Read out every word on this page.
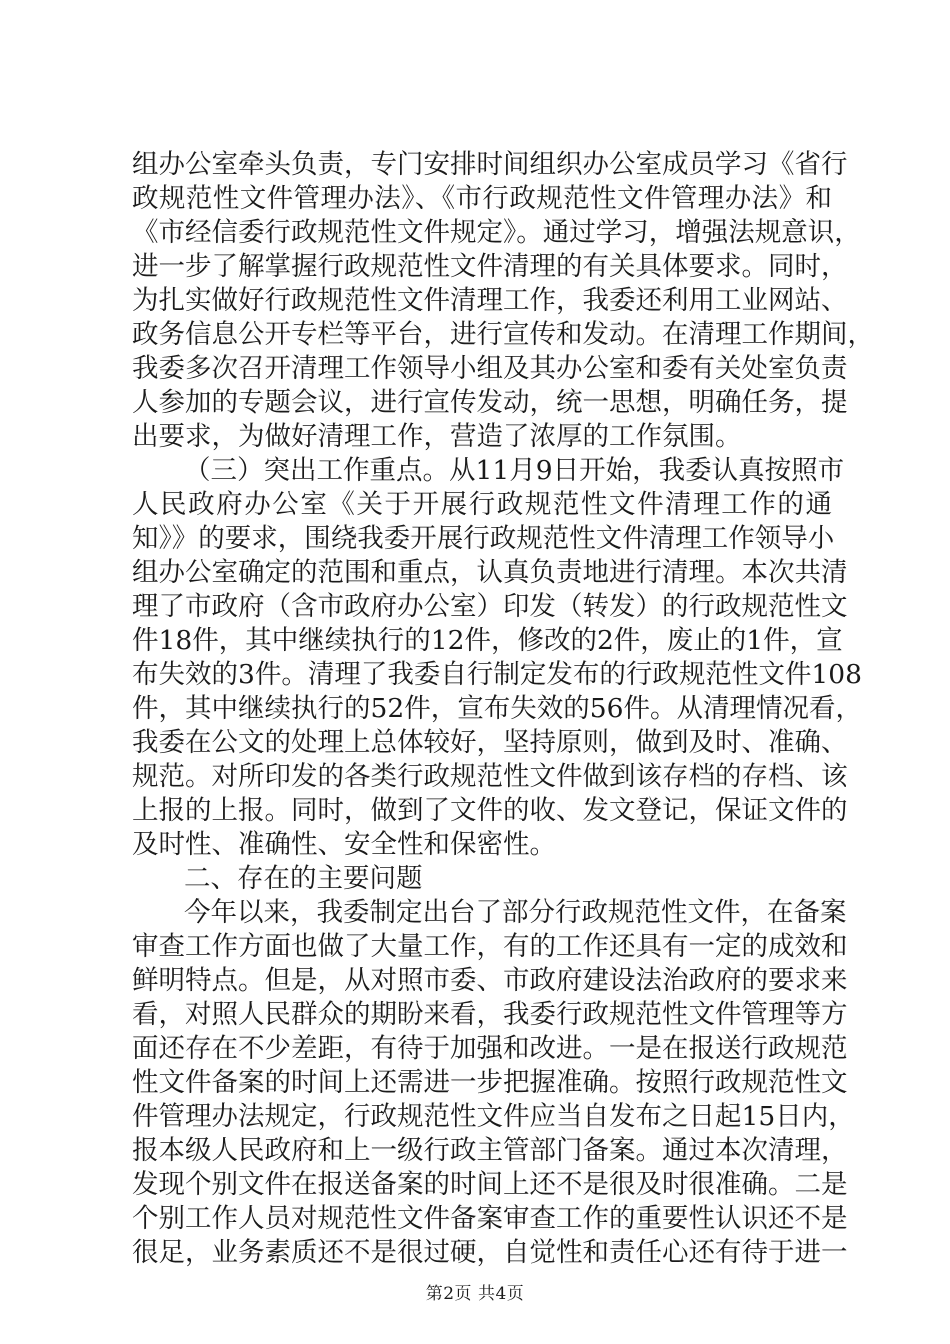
组办公室牵头负责，专门安排时间组织办公室成员学习《省行
政规范性文件管理办法》、《市行政规范性文件管理办法》和
《市经信委行政规范性文件规定》。通过学习，增强法规意识，
进一步了解掌握行政规范性文件清理的有关具体要求。同时，
为扎实做好行政规范性文件清理工作，我委还利用工业网站、
政务信息公开专栏等平台，进行宣传和发动。在清理工作期间，
我委多次召开清理工作领导小组及其办公室和委有关处室负责
人参加的专题会议，进行宣传发动，统一思想，明确任务，提
出要求，为做好清理工作，营造了浓厚的工作氛围。
（三）突出工作重点。从11月9日开始，我委认真按照市
人民政府办公室《关于开展行政规范性文件清理工作的通
知》》的要求，围绕我委开展行政规范性文件清理工作领导小
组办公室确定的范围和重点，认真负责地进行清理。本次共清
理了市政府（含市政府办公室）印发（转发）的行政规范性文
件18件，其中继续执行的12件，修改的2件，废止的1件，宣
布失效的3件。清理了我委自行制定发布的行政规范性文件108
件，其中继续执行的52件，宣布失效的56件。从清理情况看，
我委在公文的处理上总体较好，坚持原则，做到及时、准确、
规范。对所印发的各类行政规范性文件做到该存档的存档、该
上报的上报。同时，做到了文件的收、发文登记，保证文件的
及时性、准确性、安全性和保密性。
二、存在的主要问题
今年以来，我委制定出台了部分行政规范性文件，在备案
审查工作方面也做了大量工作，有的工作还具有一定的成效和
鲜明特点。但是，从对照市委、市政府建设法治政府的要求来
看，对照人民群众的期盼来看，我委行政规范性文件管理等方
面还存在不少差距，有待于加强和改进。一是在报送行政规范
性文件备案的时间上还需进一步把握准确。按照行政规范性文
件管理办法规定，行政规范性文件应当自发布之日起15日内，
报本级人民政府和上一级行政主管部门备案。通过本次清理，
发现个别文件在报送备案的时间上还不是很及时很准确。二是
个别工作人员对规范性文件备案审查工作的重要性认识还不是
很足，业务素质还不是很过硬，自觉性和责任心还有待于进一
第2页 共4页
